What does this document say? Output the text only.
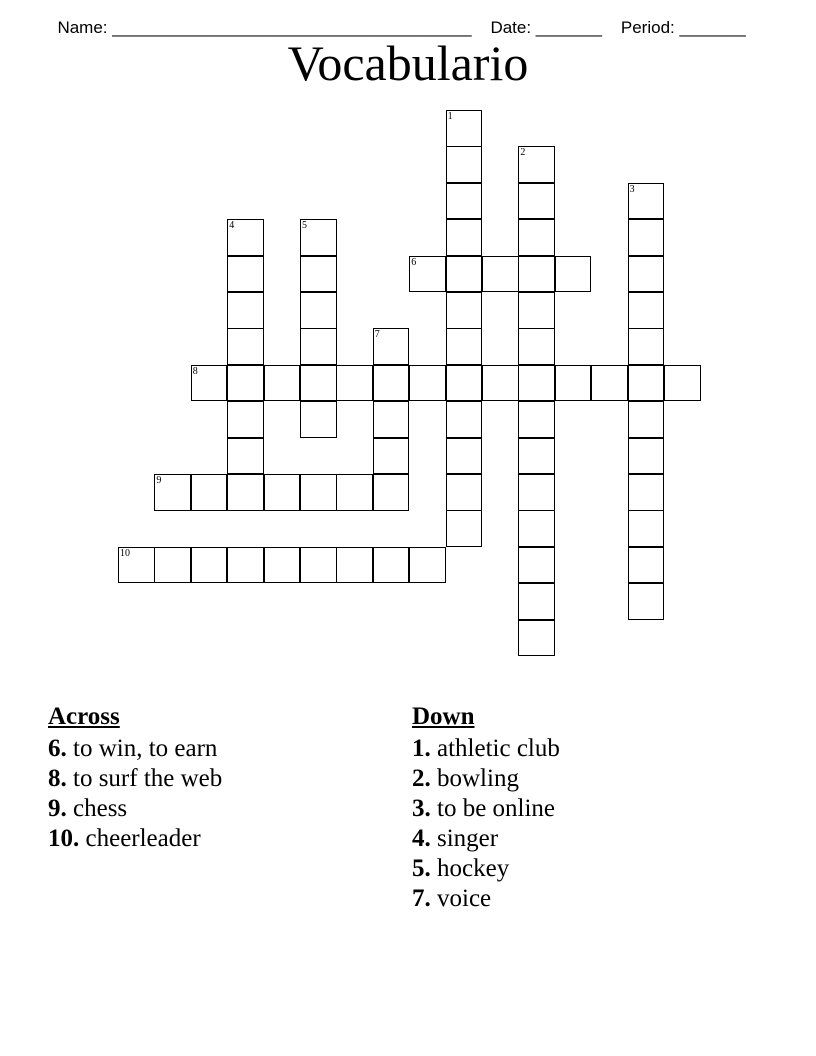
Name: ______________________________________ Date: _______ Period: _______

Vocabulario
1
2
3
4	5
6
7
8
9
10
Across
6. to win, to earn
8. to surf the web
9. chess
10. cheerleader
Down
1. athletic club
2. bowling
3. to be online
4. singer
5. hockey
7. voice
